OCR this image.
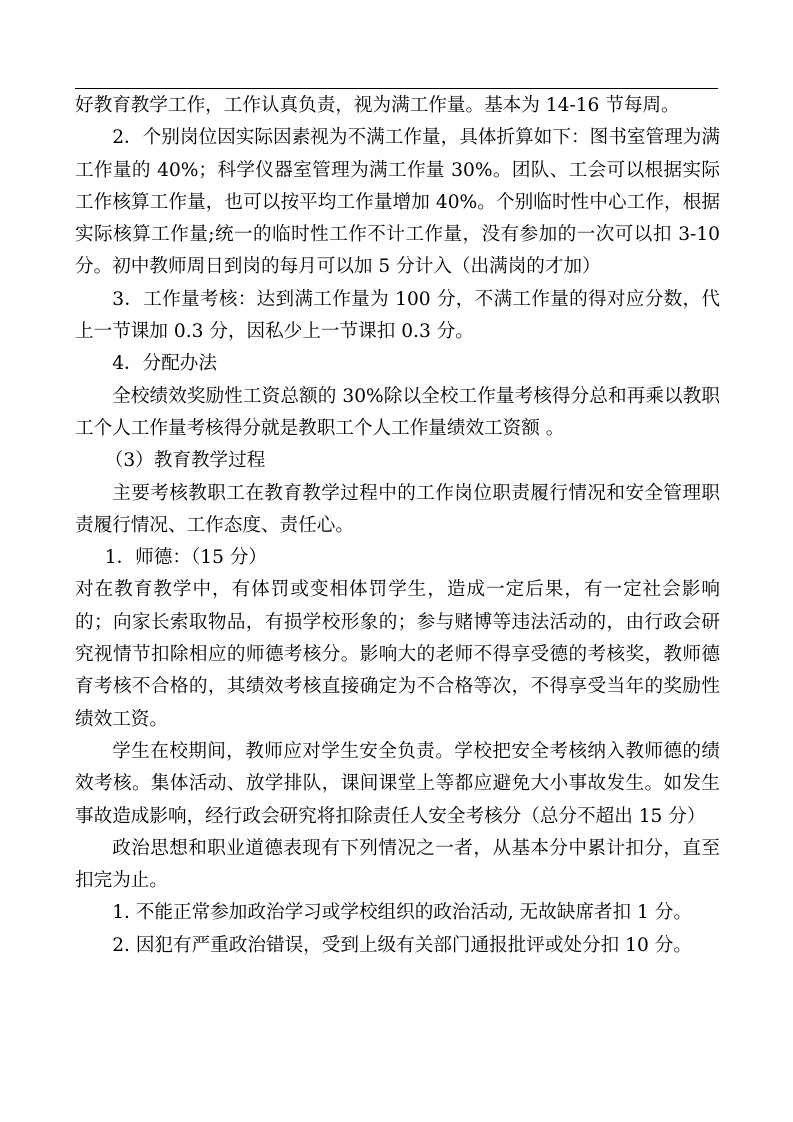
好教育教学工作，工作认真负责，视为满工作量。基本为 14-16 节每周。

2．个别岗位因实际因素视为不满工作量，具体折算如下：图书室管理为满工作量的 40%；科学仪器室管理为满工作量 30%。团队、工会可以根据实际工作核算工作量，也可以按平均工作量增加 40%。个别临时性中心工作，根据实际核算工作量;统一的临时性工作不计工作量，没有参加的一次可以扣 3-10 分。初中教师周日到岗的每月可以加 5 分计入（出满岗的才加）

3．工作量考核：达到满工作量为 100 分，不满工作量的得对应分数，代上一节课加 0.3 分，因私少上一节课扣 0.3 分。

4．分配办法

全校绩效奖励性工资总额的 30%除以全校工作量考核得分总和再乘以教职工个人工作量考核得分就是教职工个人工作量绩效工资额 。

（3）教育教学过程

主要考核教职工在教育教学过程中的工作岗位职责履行情况和安全管理职责履行情况、工作态度、责任心。

1．师德：（15 分）

对在教育教学中，有体罚或变相体罚学生，造成一定后果，有一定社会影响的；向家长索取物品，有损学校形象的；参与赌博等违法活动的，由行政会研究视情节扣除相应的师德考核分。影响大的老师不得享受德的考核奖，教师德育考核不合格的，其绩效考核直接确定为不合格等次，不得享受当年的奖励性绩效工资。

学生在校期间，教师应对学生安全负责。学校把安全考核纳入教师德的绩效考核。集体活动、放学排队，课间课堂上等都应避免大小事故发生。如发生事故造成影响，经行政会研究将扣除责任人安全考核分（总分不超出 15 分）

政治思想和职业道德表现有下列情况之一者，从基本分中累计扣分，直至扣完为止。

1. 不能正常参加政治学习或学校组织的政治活动, 无故缺席者扣 1 分。

2. 因犯有严重政治错误，受到上级有关部门通报批评或处分扣 10 分。
